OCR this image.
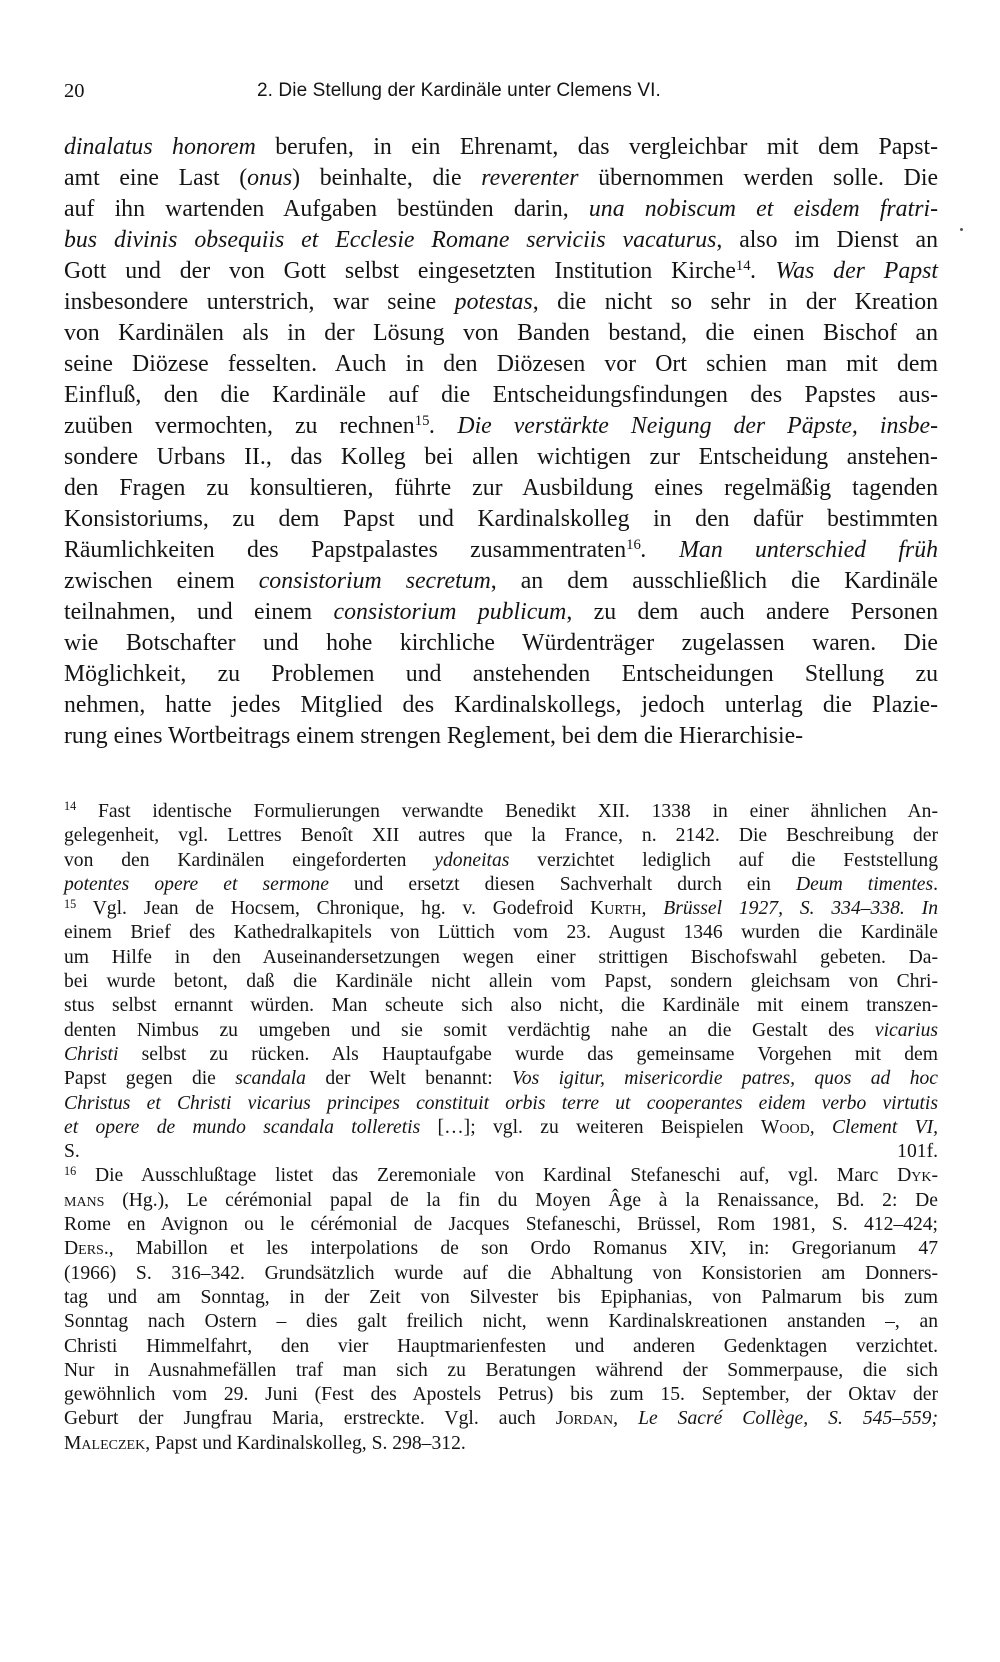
20	2. Die Stellung der Kardinäle unter Clemens VI.

dinalatus honorem berufen, in ein Ehrenamt, das vergleichbar mit dem Papst-

amt eine Last (onus) beinhalte, die reverenter übernommen werden solle. Die

auf ihn wartenden Aufgaben bestünden darin, una nobiscum et eisdem fratri-

bus divinis obsequiis et Ecclesie Romane serviciis vacaturus, also im Dienst an

Gott und der von Gott selbst eingesetzten Institution Kirche$^{14}$. Was der Papst

insbesondere unterstrich, war seine potestas, die nicht so sehr in der Kreation

von Kardinälen als in der Lösung von Banden bestand, die einen Bischof an

seine Diözese fesselten. Auch in den Diözesen vor Ort schien man mit dem

Einfluß, den die Kardinäle auf die Entscheidungsfindungen des Papstes aus-

zuüben vermochten, zu rechnen$^{15}$. Die verstärkte Neigung der Päpste, insbe-

sondere Urbans II., das Kolleg bei allen wichtigen zur Entscheidung anstehen-

den Fragen zu konsultieren, führte zur Ausbildung eines regelmäßig tagenden

Konsistoriums, zu dem Papst und Kardinalskolleg in den dafür bestimmten

Räumlichkeiten des Papstpalastes zusammentraten$^{16}$. Man unterschied früh

zwischen einem consistorium secretum, an dem ausschließlich die Kardinäle

teilnahmen, und einem consistorium publicum, zu dem auch andere Personen

wie Botschafter und hohe kirchliche Würdenträger zugelassen waren. Die

Möglichkeit, zu Problemen und anstehenden Entscheidungen Stellung zu

nehmen, hatte jedes Mitglied des Kardinalskollegs, jedoch unterlag die Plazie-

rung eines Wortbeitrags einem strengen Reglement, bei dem die Hierarchisie-

$^{14}$ Fast identische Formulierungen verwandte Benedikt XII. 1338 in einer ähnlichen An-

gelegenheit, vgl. Lettres Benoît XII autres que la France, n. 2142. Die Beschreibung der

von den Kardinälen eingeforderten ydoneitas verzichtet lediglich auf die Feststellung

potentes opere et sermone und ersetzt diesen Sachverhalt durch ein Deum timentes.

$^{15}$ Vgl. Jean de Hocsem, Chronique, hg. v. Godefroid Kurth, Brüssel 1927, S. 334–338. In

einem Brief des Kathedralkapitels von Lüttich vom 23. August 1346 wurden die Kardinäle

um Hilfe in den Auseinandersetzungen wegen einer strittigen Bischofswahl gebeten. Da-

bei wurde betont, daß die Kardinäle nicht allein vom Papst, sondern gleichsam von Chri-

stus selbst ernannt würden. Man scheute sich also nicht, die Kardinäle mit einem transzen-

denten Nimbus zu umgeben und sie somit verdächtig nahe an die Gestalt des vicarius

Christi selbst zu rücken. Als Hauptaufgabe wurde das gemeinsame Vorgehen mit dem

Papst gegen die scandala der Welt benannt: Vos igitur, misericordie patres, quos ad hoc

Christus et Christi vicarius principes constituit orbis terre ut cooperantes eidem verbo virtutis

et opere de mundo scandala tolleretis […]; vgl. zu weiteren Beispielen Wood, Clement VI,

S. 101f.

$^{16}$ Die Ausschlußtage listet das Zeremoniale von Kardinal Stefaneschi auf, vgl. Marc Dyk-

mans (Hg.), Le cérémonial papal de la fin du Moyen Âge à la Renaissance, Bd. 2: De

Rome en Avignon ou le cérémonial de Jacques Stefaneschi, Brüssel, Rom 1981, S. 412–424;

Ders., Mabillon et les interpolations de son Ordo Romanus XIV, in: Gregorianum 47

(1966) S. 316–342. Grundsätzlich wurde auf die Abhaltung von Konsistorien am Donners-

tag und am Sonntag, in der Zeit von Silvester bis Epiphanias, von Palmarum bis zum

Sonntag nach Ostern – dies galt freilich nicht, wenn Kardinalskreationen anstanden –, an

Christi Himmelfahrt, den vier Hauptmarienfesten und anderen Gedenktagen verzichtet.

Nur in Ausnahmefällen traf man sich zu Beratungen während der Sommerpause, die sich

gewöhnlich vom 29. Juni (Fest des Apostels Petrus) bis zum 15. September, der Oktav der

Geburt der Jungfrau Maria, erstreckte. Vgl. auch Jordan, Le Sacré Collège, S. 545–559;

Maleczek, Papst und Kardinalskolleg, S. 298–312.
